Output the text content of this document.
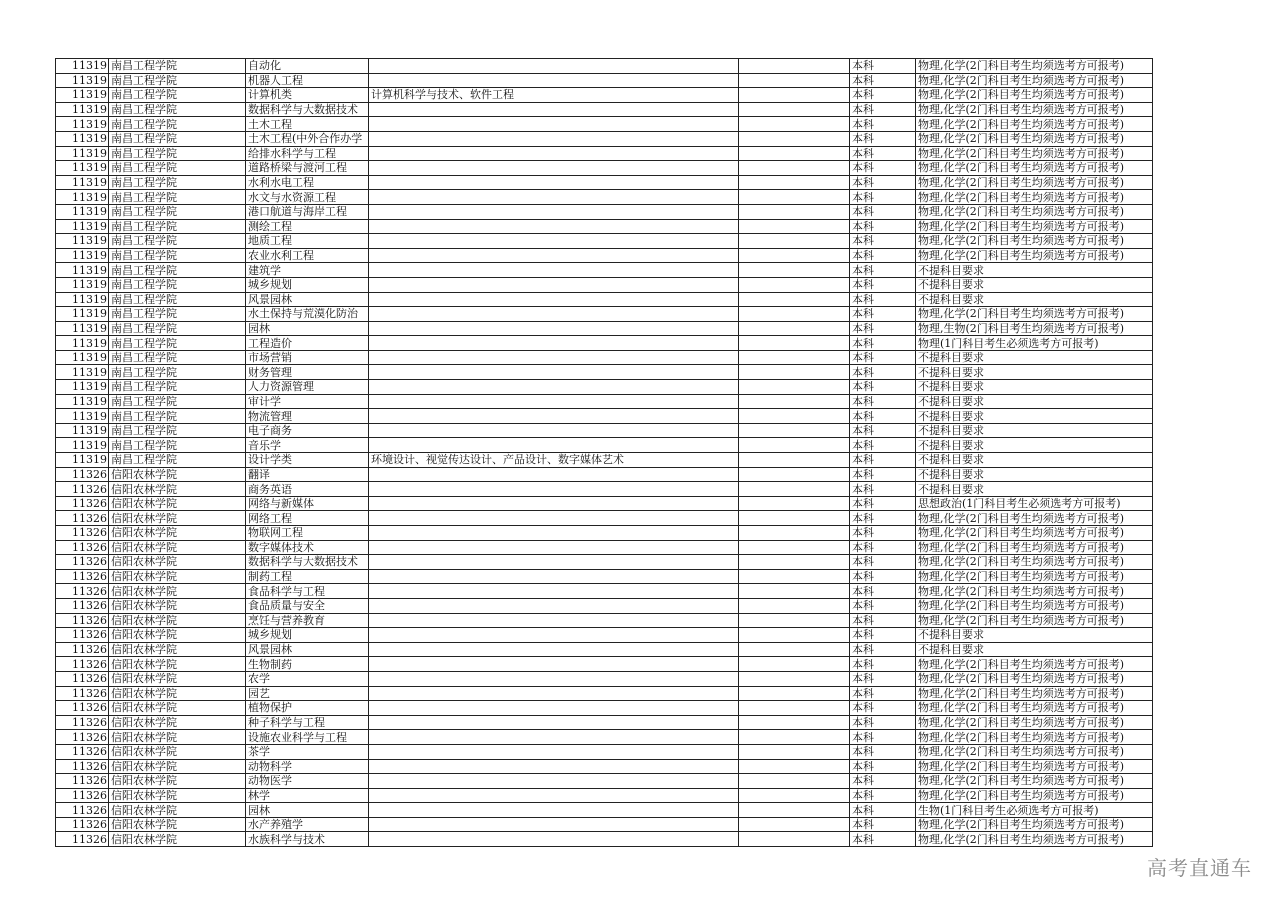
11319	南昌工程学院	自动化			本科	物理,化学(2门科目考生均须选考方可报考)
11319	南昌工程学院	机器人工程			本科	物理,化学(2门科目考生均须选考方可报考)
11319	南昌工程学院	计算机类	计算机科学与技术、软件工程		本科	物理,化学(2门科目考生均须选考方可报考)
11319	南昌工程学院	数据科学与大数据技术			本科	物理,化学(2门科目考生均须选考方可报考)
11319	南昌工程学院	土木工程			本科	物理,化学(2门科目考生均须选考方可报考)
11319	南昌工程学院	土木工程(中外合作办学			本科	物理,化学(2门科目考生均须选考方可报考)
11319	南昌工程学院	给排水科学与工程			本科	物理,化学(2门科目考生均须选考方可报考)
11319	南昌工程学院	道路桥梁与渡河工程			本科	物理,化学(2门科目考生均须选考方可报考)
11319	南昌工程学院	水利水电工程			本科	物理,化学(2门科目考生均须选考方可报考)
11319	南昌工程学院	水文与水资源工程			本科	物理,化学(2门科目考生均须选考方可报考)
11319	南昌工程学院	港口航道与海岸工程			本科	物理,化学(2门科目考生均须选考方可报考)
11319	南昌工程学院	测绘工程			本科	物理,化学(2门科目考生均须选考方可报考)
11319	南昌工程学院	地质工程			本科	物理,化学(2门科目考生均须选考方可报考)
11319	南昌工程学院	农业水利工程			本科	物理,化学(2门科目考生均须选考方可报考)
11319	南昌工程学院	建筑学			本科	不提科目要求
11319	南昌工程学院	城乡规划			本科	不提科目要求
11319	南昌工程学院	风景园林			本科	不提科目要求
11319	南昌工程学院	水土保持与荒漠化防治			本科	物理,化学(2门科目考生均须选考方可报考)
11319	南昌工程学院	园林			本科	物理,生物(2门科目考生均须选考方可报考)
11319	南昌工程学院	工程造价			本科	物理(1门科目考生必须选考方可报考)
11319	南昌工程学院	市场营销			本科	不提科目要求
11319	南昌工程学院	财务管理			本科	不提科目要求
11319	南昌工程学院	人力资源管理			本科	不提科目要求
11319	南昌工程学院	审计学			本科	不提科目要求
11319	南昌工程学院	物流管理			本科	不提科目要求
11319	南昌工程学院	电子商务			本科	不提科目要求
11319	南昌工程学院	音乐学			本科	不提科目要求
11319	南昌工程学院	设计学类	环境设计、视觉传达设计、产品设计、数字媒体艺术		本科	不提科目要求
11326	信阳农林学院	翻译			本科	不提科目要求
11326	信阳农林学院	商务英语			本科	不提科目要求
11326	信阳农林学院	网络与新媒体			本科	思想政治(1门科目考生必须选考方可报考)
11326	信阳农林学院	网络工程			本科	物理,化学(2门科目考生均须选考方可报考)
11326	信阳农林学院	物联网工程			本科	物理,化学(2门科目考生均须选考方可报考)
11326	信阳农林学院	数字媒体技术			本科	物理,化学(2门科目考生均须选考方可报考)
11326	信阳农林学院	数据科学与大数据技术			本科	物理,化学(2门科目考生均须选考方可报考)
11326	信阳农林学院	制药工程			本科	物理,化学(2门科目考生均须选考方可报考)
11326	信阳农林学院	食品科学与工程			本科	物理,化学(2门科目考生均须选考方可报考)
11326	信阳农林学院	食品质量与安全			本科	物理,化学(2门科目考生均须选考方可报考)
11326	信阳农林学院	烹饪与营养教育			本科	物理,化学(2门科目考生均须选考方可报考)
11326	信阳农林学院	城乡规划			本科	不提科目要求
11326	信阳农林学院	风景园林			本科	不提科目要求
11326	信阳农林学院	生物制药			本科	物理,化学(2门科目考生均须选考方可报考)
11326	信阳农林学院	农学			本科	物理,化学(2门科目考生均须选考方可报考)
11326	信阳农林学院	园艺			本科	物理,化学(2门科目考生均须选考方可报考)
11326	信阳农林学院	植物保护			本科	物理,化学(2门科目考生均须选考方可报考)
11326	信阳农林学院	种子科学与工程			本科	物理,化学(2门科目考生均须选考方可报考)
11326	信阳农林学院	设施农业科学与工程			本科	物理,化学(2门科目考生均须选考方可报考)
11326	信阳农林学院	茶学			本科	物理,化学(2门科目考生均须选考方可报考)
11326	信阳农林学院	动物科学			本科	物理,化学(2门科目考生均须选考方可报考)
11326	信阳农林学院	动物医学			本科	物理,化学(2门科目考生均须选考方可报考)
11326	信阳农林学院	林学			本科	物理,化学(2门科目考生均须选考方可报考)
11326	信阳农林学院	园林			本科	生物(1门科目考生必须选考方可报考)
11326	信阳农林学院	水产养殖学			本科	物理,化学(2门科目考生均须选考方可报考)
11326	信阳农林学院	水族科学与技术			本科	物理,化学(2门科目考生均须选考方可报考)
高考直通车
